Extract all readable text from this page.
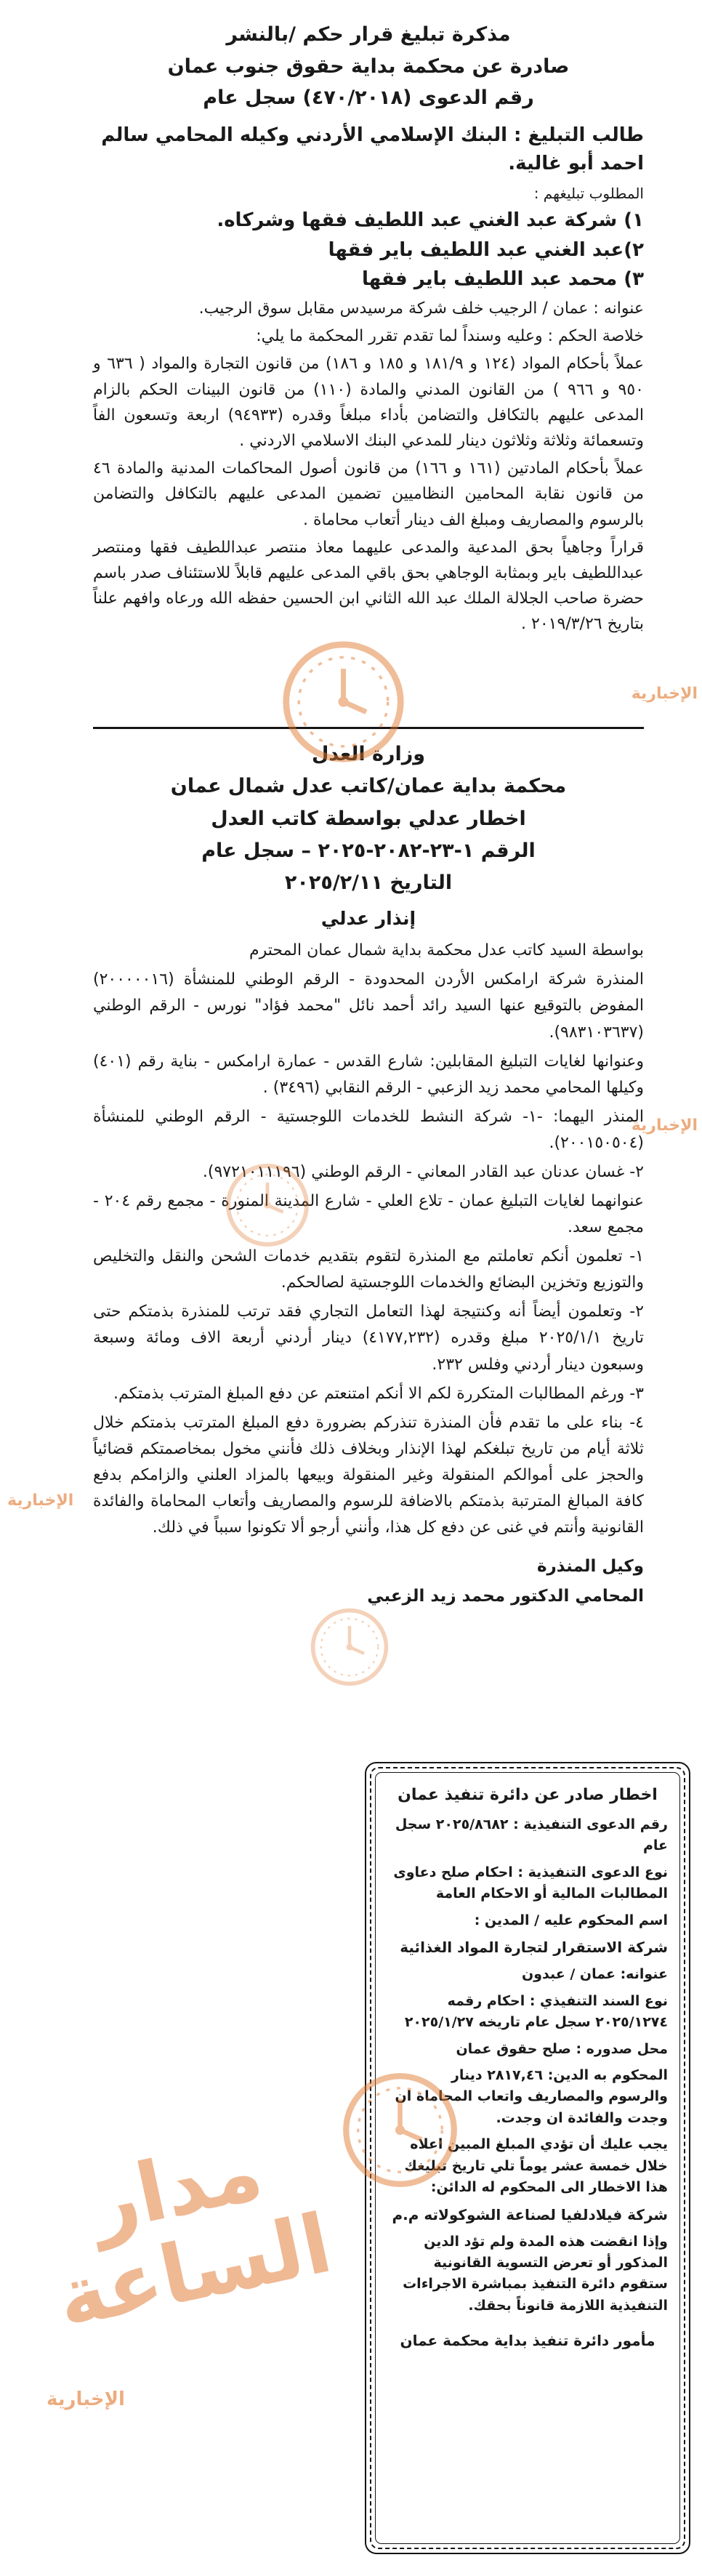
مذكرة تبليغ قرار حكم /بالنشر

صادرة عن محكمة بداية حقوق جنوب عمان

رقم الدعوى (٤٧٠/٢٠١٨) سجل عام

طالب التبليغ : البنك الإسلامي الأردني وكيله المحامي سالم احمد أبو غالية.

المطلوب تبليغهم :

١) شركة عبد الغني عبد اللطيف فقها وشركاه.

٢)عبد الغني عبد اللطيف باير فقها

٣) محمد عبد اللطيف باير فقها

عنوانه : عمان / الرجيب خلف شركة مرسيدس مقابل سوق الرجيب.

خلاصة الحكم : وعليه وسنداً لما تقدم تقرر المحكمة ما يلي:

عملاً بأحكام المواد (١٢٤ و ١٨١/٩ و ١٨٥ و ١٨٦) من قانون التجارة والمواد ( ٦٣٦ و ٩٥٠ و ٩٦٦ ) من القانون المدني والمادة (١١٠) من قانون البينات الحكم بالزام المدعى عليهم بالتكافل والتضامن بأداء مبلغاً وقدره (٩٤٩٣٣) اربعة وتسعون الفاً وتسعمائة وثلاثة وثلاثون دينار للمدعي البنك الاسلامي الاردني .

عملاً بأحكام المادتين (١٦١ و ١٦٦) من قانون أصول المحاكمات المدنية والمادة ٤٦ من قانون نقابة المحامين النظاميين تضمين المدعى عليهم بالتكافل والتضامن بالرسوم والمصاريف ومبلغ الف دينار أتعاب محاماة .

قراراً وجاهياً بحق المدعية والمدعى عليهما معاذ منتصر عبداللطيف فقها ومنتصر عبداللطيف باير وبمثابة الوجاهي بحق باقي المدعى عليهم قابلاً للاستئناف صدر باسم حضرة صاحب الجلالة الملك عبد الله الثاني ابن الحسين حفظه الله ورعاه وافهم علناً بتاريخ ٢٠١٩/٣/٢٦ .

وزارة العدل

محكمة بداية عمان/كاتب عدل شمال عمان

اخطار عدلي بواسطة كاتب العدل

الرقم ١-٢٣-٢٠٨٢-٢٠٢٥ – سجل عام

التاريخ ٢٠٢٥/٢/١١

إنذار عدلي

بواسطة السيد كاتب عدل محكمة بداية شمال عمان المحترم

المنذرة شركة ارامكس الأردن المحدودة - الرقم الوطني للمنشأة (٢٠٠٠٠٠١٦) المفوض بالتوقيع عنها السيد رائد أحمد نائل "محمد فؤاد" نورس - الرقم الوطني (٩٨٣١٠٣٦٣٧).

وعنوانها لغايات التبليغ المقابلين: شارع القدس - عمارة ارامكس - بناية رقم (٤٠١) وكيلها المحامي محمد زيد الزعبي - الرقم النقابي (٣٤٩٦) .

المنذر اليهما: -١- شركة النشط للخدمات اللوجستية - الرقم الوطني للمنشأة (٢٠٠١٥٠٥٠٤).

٢- غسان عدنان عبد القادر المعاني - الرقم الوطني (٩٧٢١٠١١١٩٦).

عنوانهما لغايات التبليغ عمان - تلاع العلي - شارع المدينة المنورة - مجمع رقم ٢٠٤ - مجمع سعد.

١- تعلمون أنكم تعاملتم مع المنذرة لتقوم بتقديم خدمات الشحن والنقل والتخليص والتوزيع وتخزين البضائع والخدمات اللوجستية لصالحكم.

٢- وتعلمون أيضاً أنه وكنتيجة لهذا التعامل التجاري فقد ترتب للمنذرة بذمتكم حتى تاريخ ٢٠٢٥/١/١ مبلغ وقدره (٤١٧٧,٢٣٢) دينار أردني أربعة الاف ومائة وسبعة وسبعون دينار أردني وفلس ٢٣٢.

٣- ورغم المطالبات المتكررة لكم الا أنكم امتنعتم عن دفع المبلغ المترتب بذمتكم.

٤- بناء على ما تقدم فأن المنذرة تنذركم بضرورة دفع المبلغ المترتب بذمتكم خلال ثلاثة أيام من تاريخ تبلغكم لهذا الإنذار وبخلاف ذلك فأنني مخول بمخاصمتكم قضائياً والحجز على أموالكم المنقولة وغير المنقولة وبيعها بالمزاد العلني والزامكم بدفع كافة المبالغ المترتبة بذمتكم بالاضافة للرسوم والمصاريف وأتعاب المحاماة والفائدة القانونية وأنتم في غنى عن دفع كل هذا، وأنني أرجو ألا تكونوا سبباً في ذلك.

وكيل المنذرة

المحامي الدكتور محمد زيد الزعبي

اخطار صادر عن دائرة تنفيذ عمان

رقم الدعوى التنفيذية : ٢٠٢٥/٨٦٨٢ سجل عام

نوع الدعوى التنفيذية : احكام صلح دعاوى المطالبات المالية أو الاحكام العامة

اسم المحكوم عليه / المدين :

شركة الاستقرار لتجارة المواد الغذائية

عنوانه: عمان / عبدون

نوع السند التنفيذي : احكام رقمه ٢٠٢٥/١٢٧٤ سجل عام تاريخه ٢٠٢٥/١/٢٧

محل صدوره : صلح حقوق عمان

المحكوم به الدين: ٢٨١٧,٤٦ دينار والرسوم والمصاريف واتعاب المحاماة ان وجدت والفائدة ان وجدت.

يجب عليك أن تؤدي المبلغ المبين اعلاه خلال خمسة عشر يوماً تلي تاريخ تبليغك هذا الاخطار الى المحكوم له الدائن:

شركة فيلادلفيا لصناعة الشوكولاته م.م

وإذا انقضت هذه المدة ولم تؤد الدين المذكور أو تعرض التسوية القانونية ستقوم دائرة التنفيذ بمباشرة الاجراءات التنفيذية اللازمة قانوناً بحقك.

مأمور دائرة تنفيذ بداية محكمة عمان

الإخبارية
الإخبارية
الإخبارية
الإخبارية
مدار الساعة
